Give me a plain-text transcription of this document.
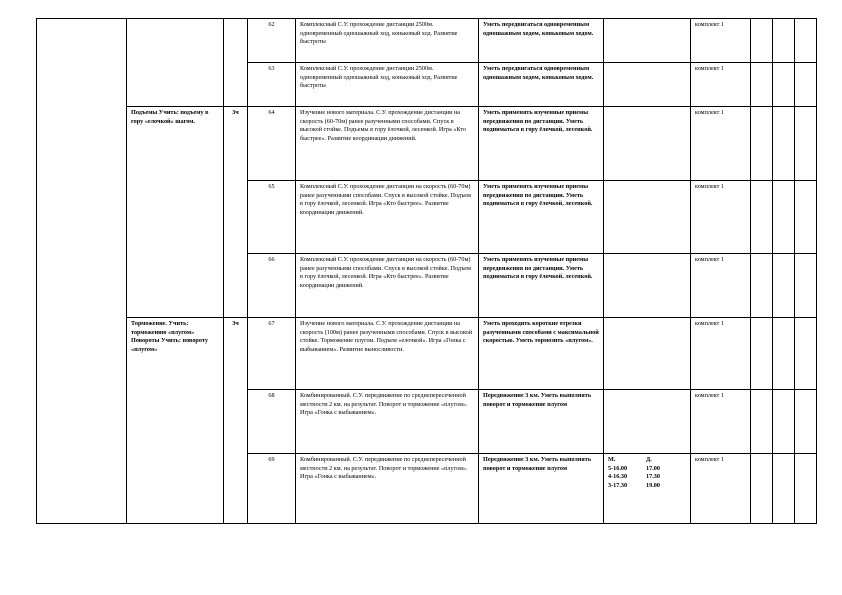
			62	Комплексный С.У. прохождение дистанции 2500м. одновременный одношажный ход, коньковый ход. Развитие быстроты	Уметь передвигаться одновременным одношажным ходом, коньковым ходом.		комплект 1			
			63	Комплексный С.У. прохождение дистанции 2500м. одновременный одношажный ход, коньковый ход. Развитие быстроты	Уметь передвигаться одновременным одношажным ходом, коньковым ходом.		комплект 1			
	Подъемы Учить: подъему в гору «елочкой» шагом.	3ч	64	Изучение нового материала. С.У. прохождение дистанции на скорость (60-70м) ранее разученными способами. Спуск в высокой стойке. Подъемы в гору ёлочкой, лесенкой. Игра «Кто быстрее». Развитие координации движений.	Уметь применять изученные приемы передвижения по дистанции. Уметь подниматься в гору ёлочкой, лесенкой.		комплект 1			
			65	Комплексный С.У. прохождение дистанции на скорость (60-70м) ранее разученными способами. Спуск в высокой стойке. Подъем в гору ёлочкой, лесенкой. Игра «Кто быстрее». Развитие координации движений.	Уметь применять изученные приемы передвижения по дистанции. Уметь подниматься в гору ёлочкой, лесенкой.		комплект 1			
			66	Комплексный С.У. прохождение дистанции на скорость (60-70м) ранее разученными способами. Спуск в высокой стойке. Подъем в гору ёлочкой, лесенкой. Игра «Кто быстрее». Развитие координации движений.	Уметь применять изученные приемы передвижения по дистанции. Уметь подниматься в гору ёлочкой, лесенкой.		комплект 1			
	Торможение. Учить: торможению «плугом» Повороты Учить: повороту «плугом»	3ч	67	Изучение нового материала. С.У. прохождение дистанции на скорость (100м) ранее разученными способами. Спуск в высокой стойке. Торможение плугом. Подъем «елочкой». Игра «Гонка с выбыванием». Развитие выносливости.	Уметь проходить короткие отрезки разученными способами с максимальной скоростью. Уметь тормозить «плугом».		комплект 1			
			68	Комбинированный. С.У. передвижение по среднепересеченной местности 2 км. на результат. Поворот и торможение «плугом». Игра «Гонка с выбыванием».	Передвижение 3 км. Уметь выполнять поворот и торможение плугом		комплект 1			
			69	Комбинированный. С.У. передвижение по среднепересеченной местности 2 км. на результат. Поворот и торможение «плугом». Игра «Гонка с выбыванием».	Передвижение 3 км. Уметь выполнять поворот и торможение плугом	М. Д.
5-16.00 17.00
4-16.30 17.30
3-17.30 19.00	комплект 1			
